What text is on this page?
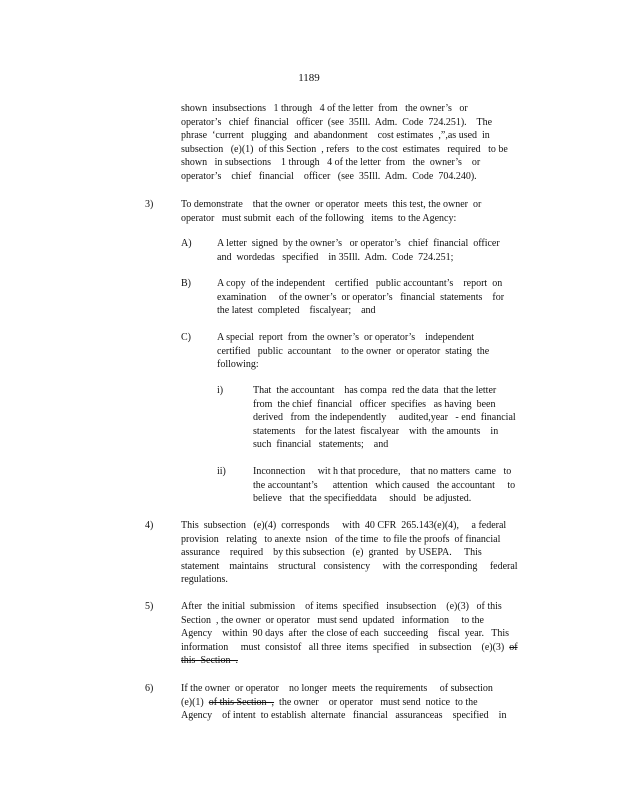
1189
shown  insubsections   1 through   4 of the letter  from   the owner’s   or
operator’s   chief  financial   officer  (see  35Ill.  Adm.  Code  724.251).    The
phrase  ‘current   plugging   and  abandonment    cost estimates  ,”,as used  in
subsection   (e)(1)  of this Section  , refers   to the cost  estimates   required   to be
shown   in subsections    1 through   4 of the letter  from   the  owner’s    or
operator’s    chief   financial    officer   (see  35Ill.  Adm.  Code  704.240).
3)	To demonstrate    that the owner  or operator  meets  this test, the owner  or
operator   must submit  each  of the following   items  to the Agency:
A)	A letter  signed  by the owner’s   or operator’s   chief  financial  officer
and  wordedas   specified    in 35Ill.  Adm.  Code  724.251;
B)	A copy  of the independent    certified   public accountant’s    report  on
examination     of the owner’s  or operator’s   financial  statements    for
the latest  completed    fiscalyear;    and
C)	A special  report  from  the owner’s  or operator’s    independent
certified   public  accountant    to the owner  or operator  stating  the
following:
i)	That  the accountant    has compa  red the data  that the letter
from  the chief  financial   officer  specifies   as having  been
derived   from  the independently     audited,year   - end  financial
statements    for the latest  fiscalyear    with  the amounts    in
such  financial   statements;    and
ii)	Inconnection     wit h that procedure,    that no matters  came   to
the accountant’s      attention   which caused   the accountant     to
believe   that  the specifieddata     should   be adjusted.
4)	This  subsection   (e)(4)  corresponds     with  40 CFR  265.143(e)(4),     a federal
provision   relating   to anexte  nsion   of the time  to file the proofs  of financial
assurance    required    by this subsection   (e)  granted   by USEPA.     This
statement    maintains    structural   consistency     with  the corresponding     federal
regulations.
5)	After  the initial  submission    of items  specified   insubsection    (e)(3)   of this
Section  , the owner  or operator   must send  updated   information     to the
Agency    within  90 days  after  the close of each  succeeding    fiscal  year.   This
information     must  consistof   all three  items  specified    in subsection    (e)(3) of
this  Section  .
6)	If the owner  or operator    no longer  meets  the requirements     of subsection
(e)(1) of this Section  ,  the owner    or operator   must send  notice  to the
Agency    of intent  to establish  alternate   financial   assuranceas    specified    in
